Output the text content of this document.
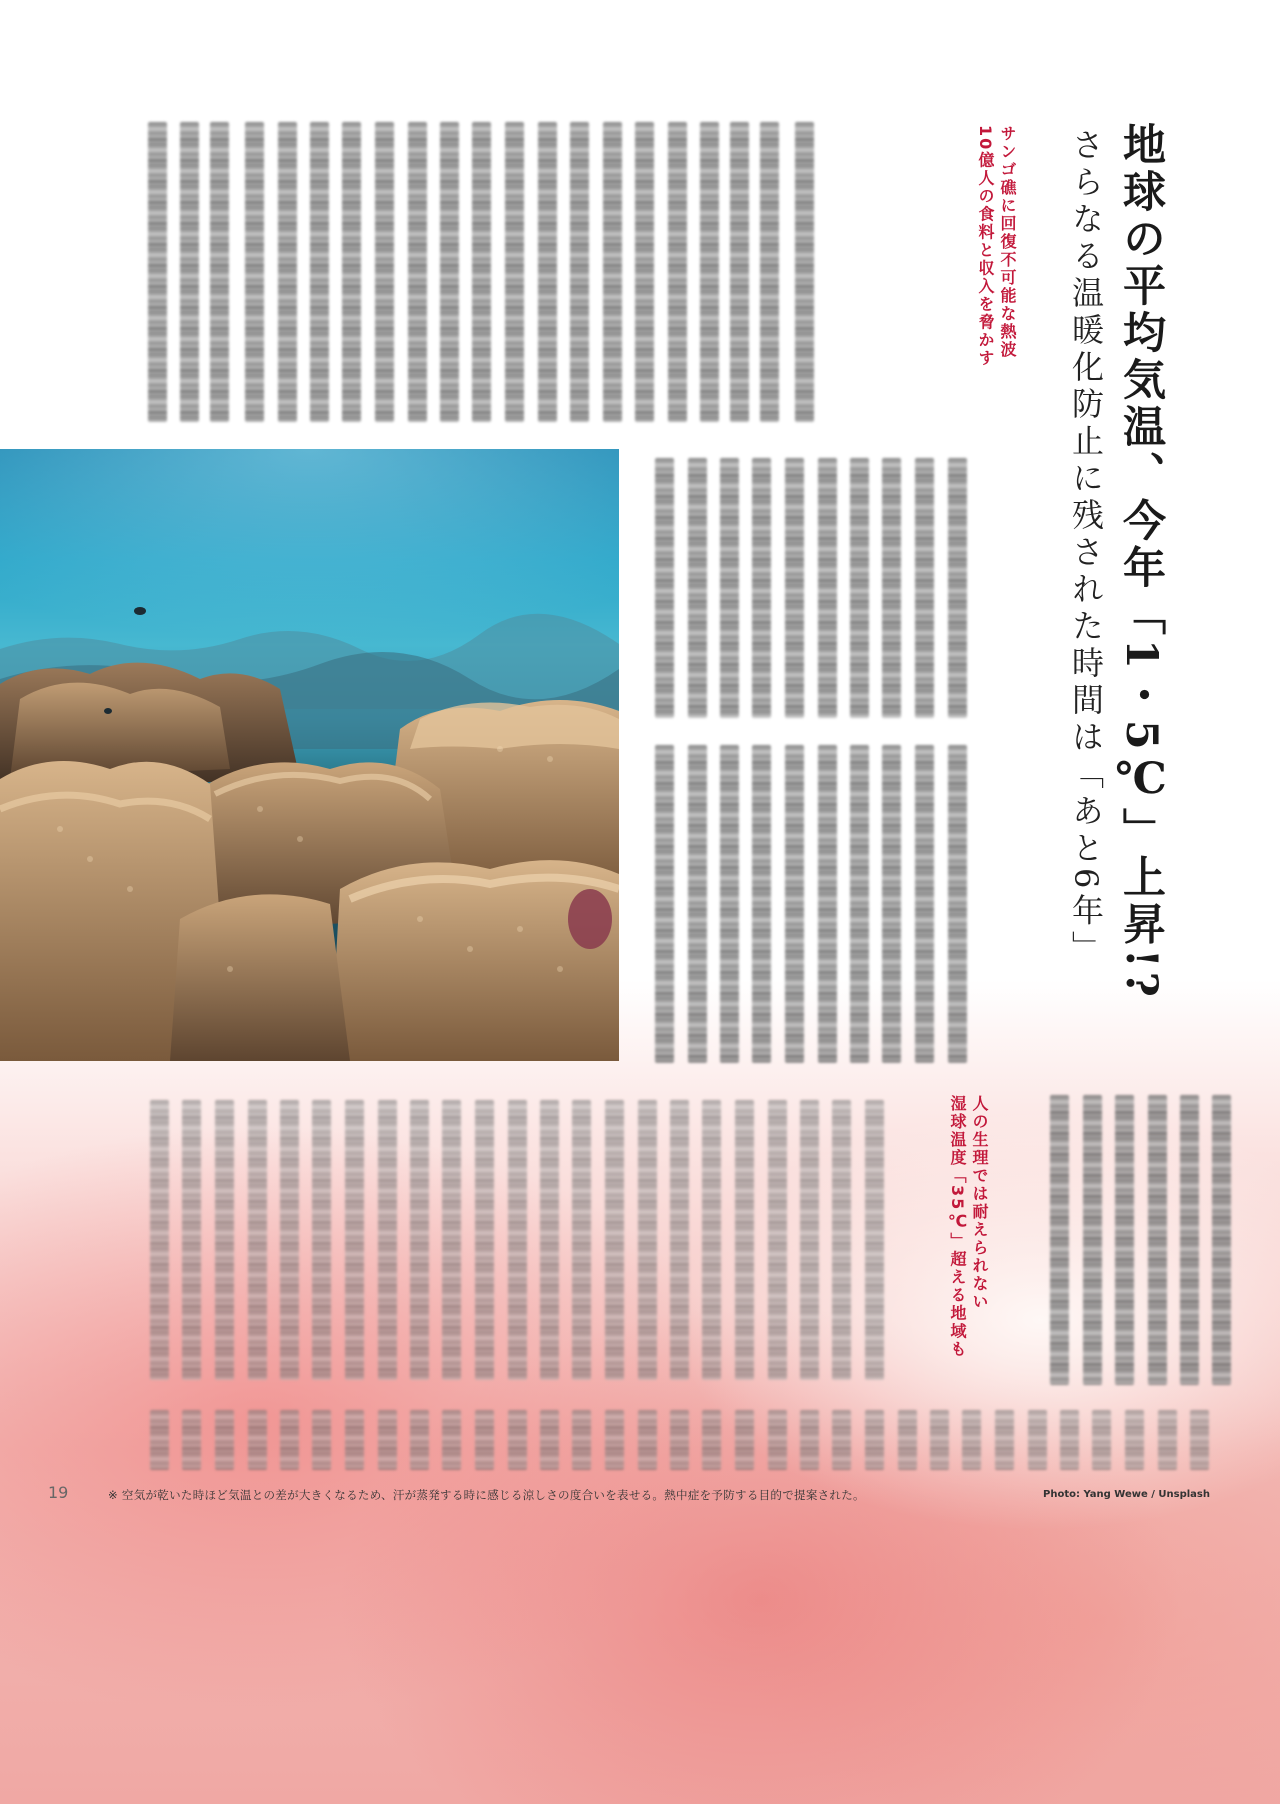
地球の平均気温、今年「1・5℃」上昇!?
さらなる温暖化防止に残された時間は「あと6年」
サンゴ礁に回復不可能な熱波
10億人の食料と収入を脅かす
人の生理では耐えられない
湿球温度「35℃」超える地域も
19	※ 空気が乾いた時ほど気温との差が大きくなるため、汗が蒸発する時に感じる涼しさの度合いを表せる。熱中症を予防する目的で提案された。	Photo: Yang Wewe / Unsplash
